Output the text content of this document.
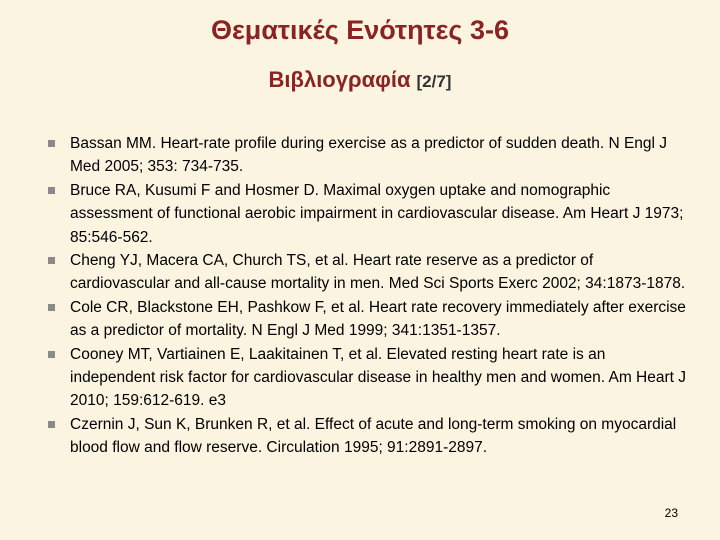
Θεματικές Ενότητες 3-6
Βιβλιογραφία [2/7]
Bassan MM. Heart-rate profile during exercise as a predictor of sudden death. N Engl J Med 2005; 353: 734-735.
Bruce RA, Kusumi F and Hosmer D. Maximal oxygen uptake and nomographic assessment of functional aerobic impairment in cardiovascular disease. Am Heart J 1973; 85:546-562.
Cheng YJ, Macera CA, Church TS, et al. Heart rate reserve as a predictor of cardiovascular and all-cause mortality in men. Med Sci Sports Exerc 2002; 34:1873-1878.
Cole CR, Blackstone EH, Pashkow F, et al. Heart rate recovery immediately after exercise as a predictor of mortality. N Engl J Med 1999; 341:1351-1357.
Cooney MT, Vartiainen E, Laakitainen T, et al. Elevated resting heart rate is an independent risk factor for cardiovascular disease in healthy men and women. Am Heart J 2010; 159:612-619. e3
Czernin J, Sun K, Brunken R, et al. Effect of acute and long-term smoking on myocardial blood flow and flow reserve. Circulation 1995; 91:2891-2897.
23
